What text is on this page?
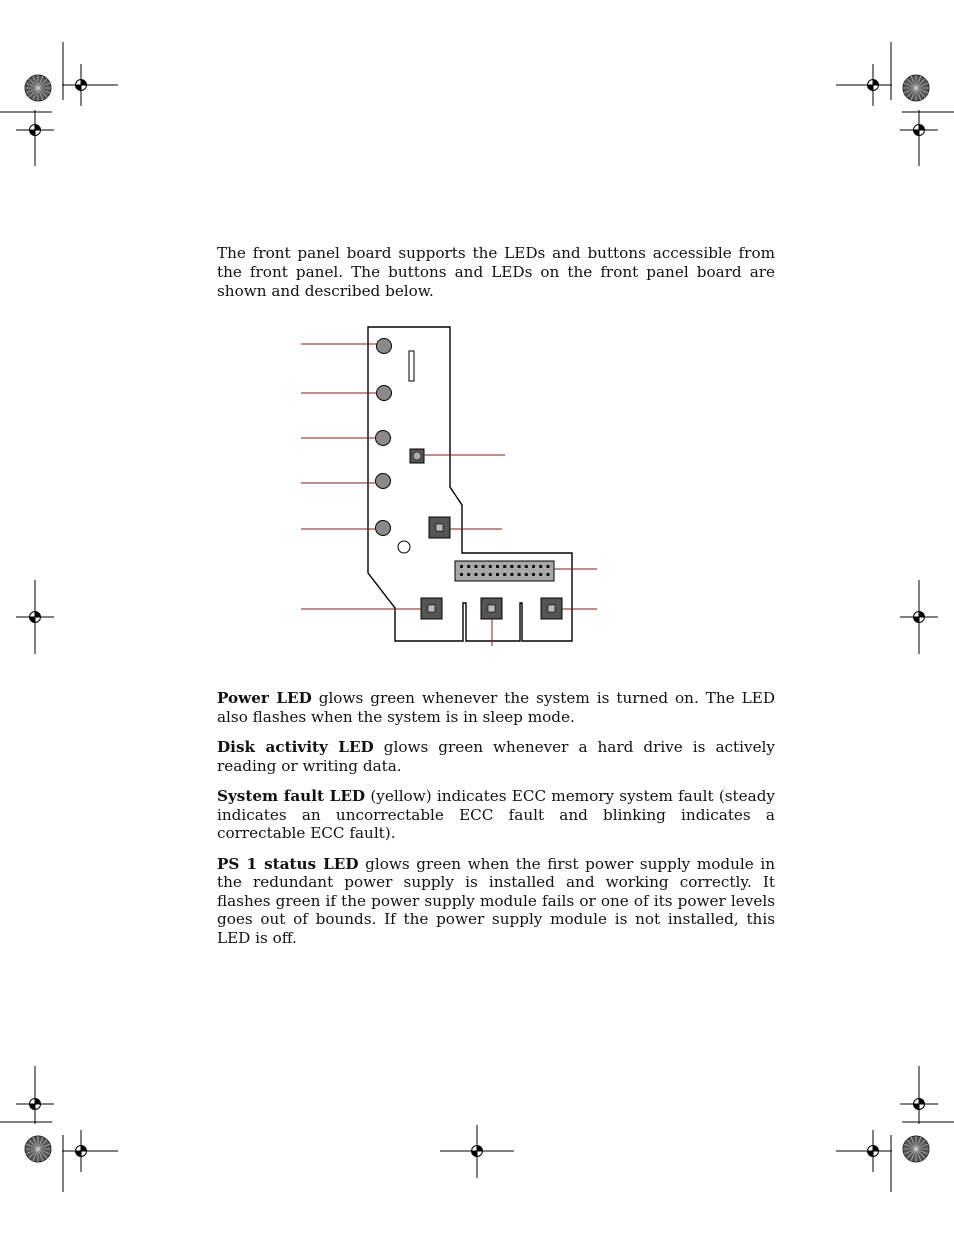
The front panel board supports the LEDs and buttons accessible from the front panel. The buttons and LEDs on the front panel board are shown and described below.

Power LED glows green whenever the system is turned on. The LED also flashes when the system is in sleep mode.

Disk activity LED glows green whenever a hard drive is actively reading or writing data.

System fault LED (yellow) indicates ECC memory system fault (steady indicates an uncorrectable ECC fault and blinking indicates a correctable ECC fault).

PS 1 status LED glows green when the first power supply module in the redundant power supply is installed and working correctly. It flashes green if the power supply module fails or one of its power levels goes out of bounds. If the power supply module is not installed, this LED is off.
